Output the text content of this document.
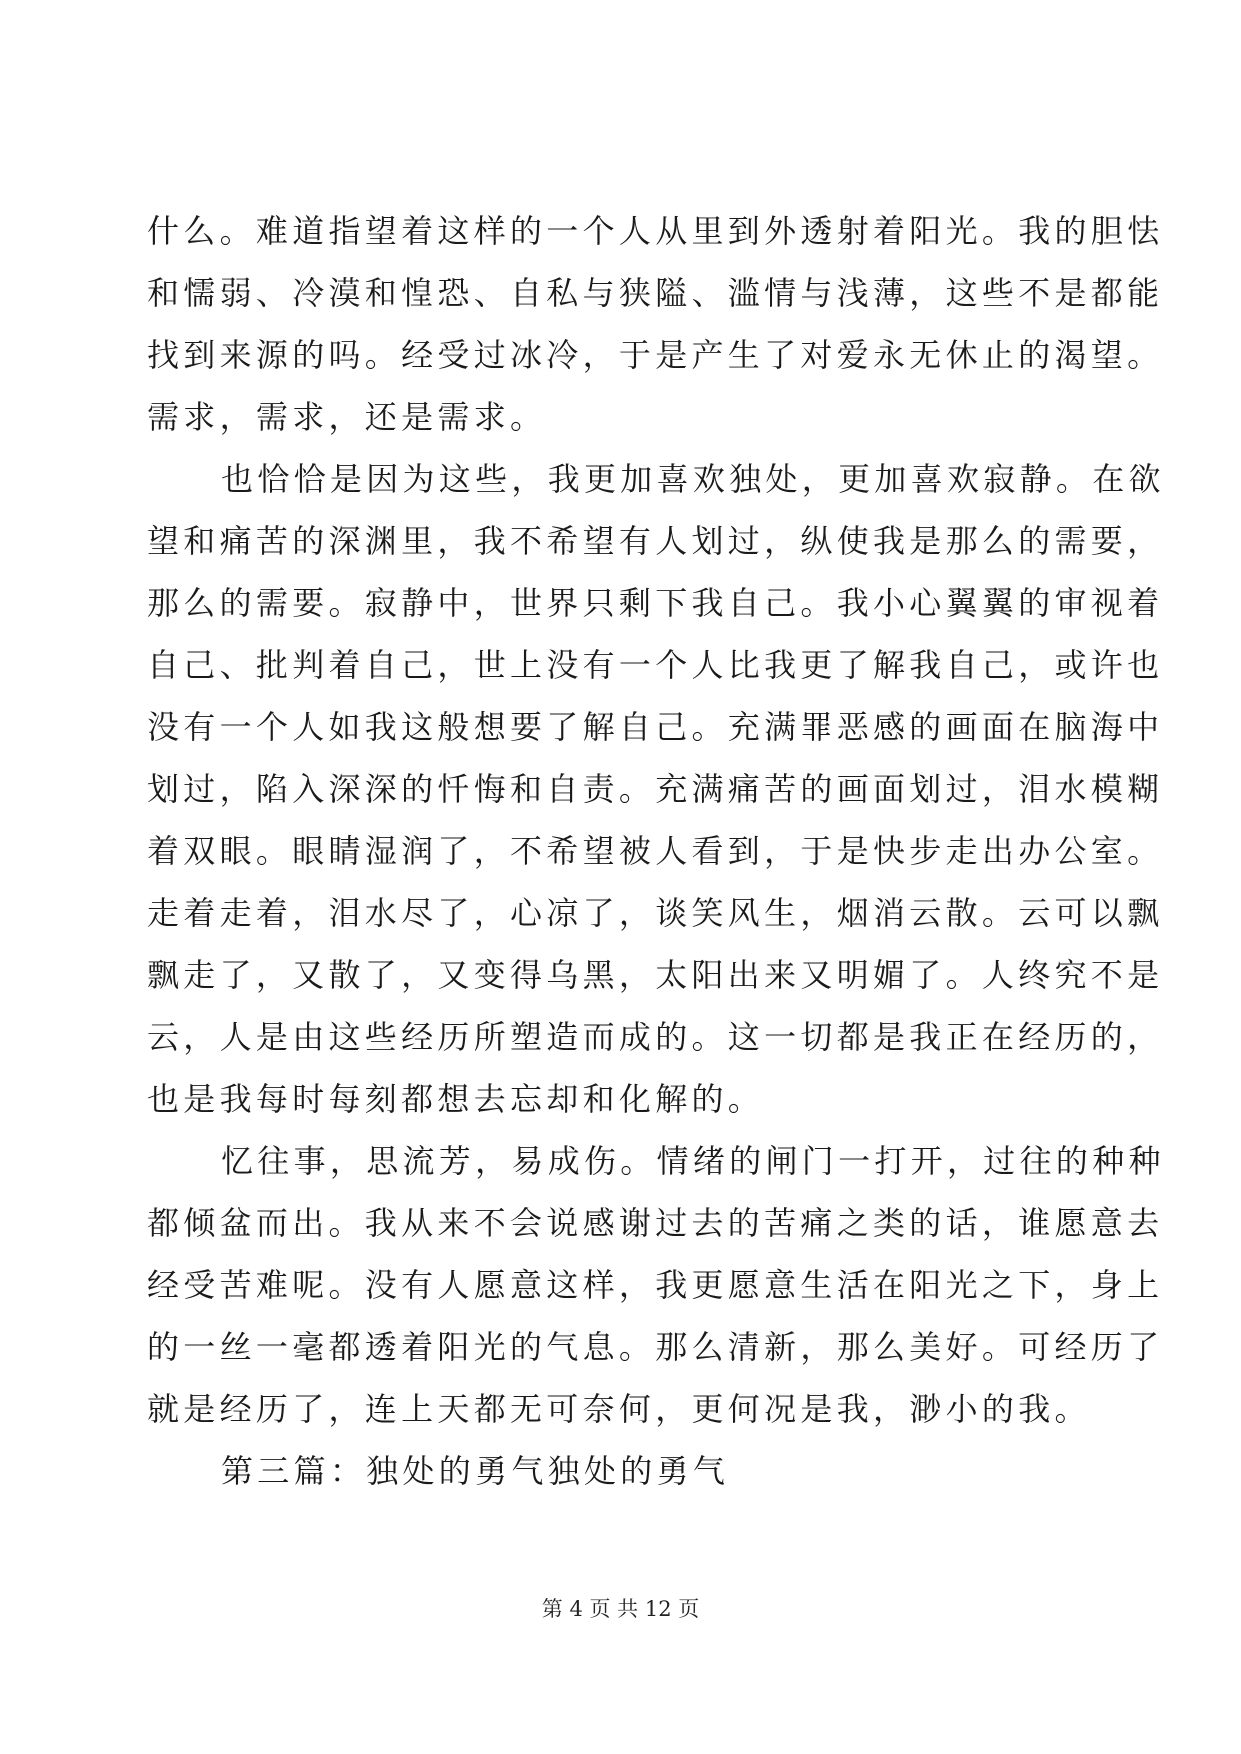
什么。难道指望着这样的一个人从里到外透射着阳光。我的胆怯
和懦弱、冷漠和惶恐、自私与狭隘、滥情与浅薄，这些不是都能
找到来源的吗。经受过冰冷，于是产生了对爱永无休止的渴望。
需求，需求，还是需求。
也恰恰是因为这些，我更加喜欢独处，更加喜欢寂静。在欲
望和痛苦的深渊里，我不希望有人划过，纵使我是那么的需要，
那么的需要。寂静中，世界只剩下我自己。我小心翼翼的审视着
自己、批判着自己，世上没有一个人比我更了解我自己，或许也
没有一个人如我这般想要了解自己。充满罪恶感的画面在脑海中
划过，陷入深深的忏悔和自责。充满痛苦的画面划过，泪水模糊
着双眼。眼睛湿润了，不希望被人看到，于是快步走出办公室。
走着走着，泪水尽了，心凉了，谈笑风生，烟消云散。云可以飘
飘走了，又散了，又变得乌黑，太阳出来又明媚了。人终究不是
云，人是由这些经历所塑造而成的。这一切都是我正在经历的，
也是我每时每刻都想去忘却和化解的。
忆往事，思流芳，易成伤。情绪的闸门一打开，过往的种种
都倾盆而出。我从来不会说感谢过去的苦痛之类的话，谁愿意去
经受苦难呢。没有人愿意这样，我更愿意生活在阳光之下，身上
的一丝一毫都透着阳光的气息。那么清新，那么美好。可经历了
就是经历了，连上天都无可奈何，更何况是我，渺小的我。
第三篇：独处的勇气独处的勇气
第 4 页 共 12 页
